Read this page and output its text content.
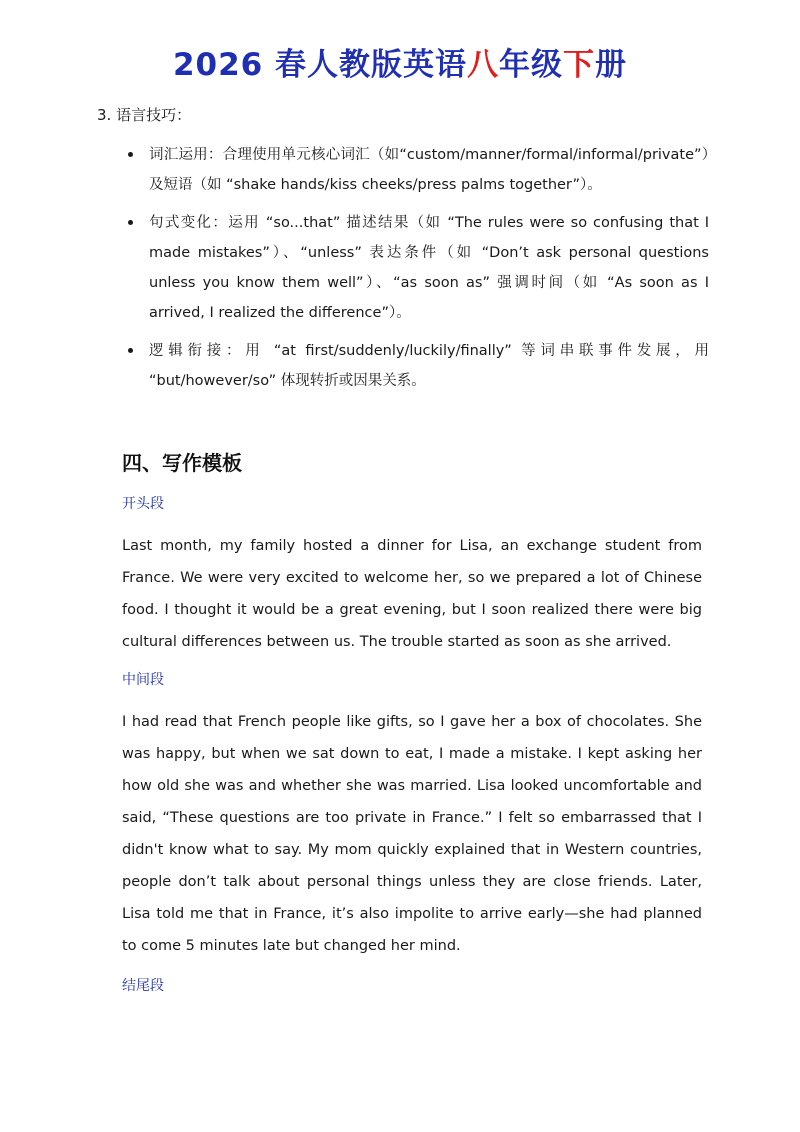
2026 春人教版英语八年级下册
3. 语言技巧：
词汇运用：合理使用单元核心词汇（如“custom/manner/formal/informal/private”）及短语（如 “shake hands/kiss cheeks/press palms together”）。
句式变化：运用 “so...that” 描述结果（如 “The rules were so confusing that I made mistakes”）、“unless” 表达条件（如 “Don’t ask personal questions unless you know them well”）、“as soon as” 强调时间（如 “As soon as I arrived, I realized the difference”）。
逻辑衔接：用 “at first/suddenly/luckily/finally” 等词串联事件发展，用 “but/however/so” 体现转折或因果关系。
四、写作模板
开头段
Last month, my family hosted a dinner for Lisa, an exchange student from France. We were very excited to welcome her, so we prepared a lot of Chinese food. I thought it would be a great evening, but I soon realized there were big cultural differences between us. The trouble started as soon as she arrived.
中间段
I had read that French people like gifts, so I gave her a box of chocolates. She was happy, but when we sat down to eat, I made a mistake. I kept asking her how old she was and whether she was married. Lisa looked uncomfortable and said, “These questions are too private in France.” I felt so embarrassed that I didn't know what to say. My mom quickly explained that in Western countries, people don’t talk about personal things unless they are close friends. Later, Lisa told me that in France, it’s also impolite to arrive early—she had planned to come 5 minutes late but changed her mind.
结尾段
